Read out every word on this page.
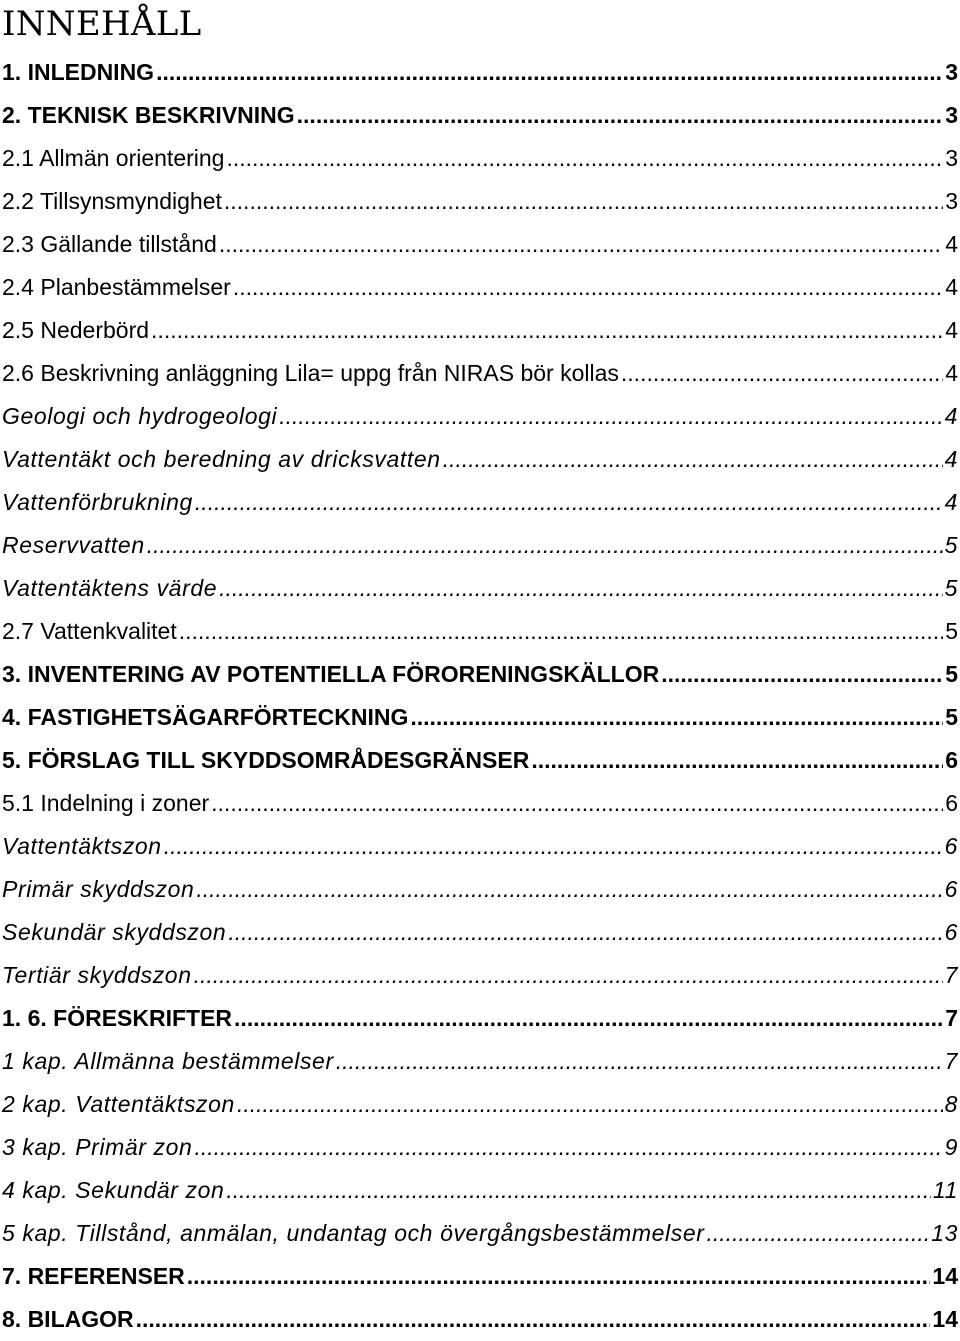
INNEHÅLL
1. INLEDNING .....	3
2. TEKNISK BESKRIVNING .....	3
2.1 Allmän orientering .....	3
2.2 Tillsynsmyndighet .....	3
2.3 Gällande tillstånd .....	4
2.4 Planbestämmelser .....	4
2.5 Nederbörd .....	4
2.6 Beskrivning anläggning Lila= uppg från NIRAS bör kollas .....	4
Geologi och hydrogeologi .....	4
Vattentäkt och beredning av dricksvatten .....	4
Vattenförbrukning .....	4
Reservvatten .....	5
Vattentäktens värde .....	5
2.7 Vattenkvalitet .....	5
3. INVENTERING AV POTENTIELLA FÖRORENINGSKÄLLOR .....	5
4. FASTIGHETSÄGARFÖRTECKNING .....	5
5. FÖRSLAG TILL SKYDDSOMRÅDESGRÄNSER .....	6
5.1 Indelning i zoner .....	6
Vattentäktszon .....	6
Primär skyddszon .....	6
Sekundär skyddszon .....	6
Tertiär skyddszon .....	7
1. 6. FÖRESKRIFTER .....	7
1 kap. Allmänna bestämmelser .....	7
2 kap. Vattentäktszon .....	8
3 kap. Primär zon .....	9
4 kap. Sekundär zon .....	11
5 kap. Tillstånd, anmälan, undantag och övergångsbestämmelser .....	13
7. REFERENSER .....	14
8. BILAGOR .....	14
